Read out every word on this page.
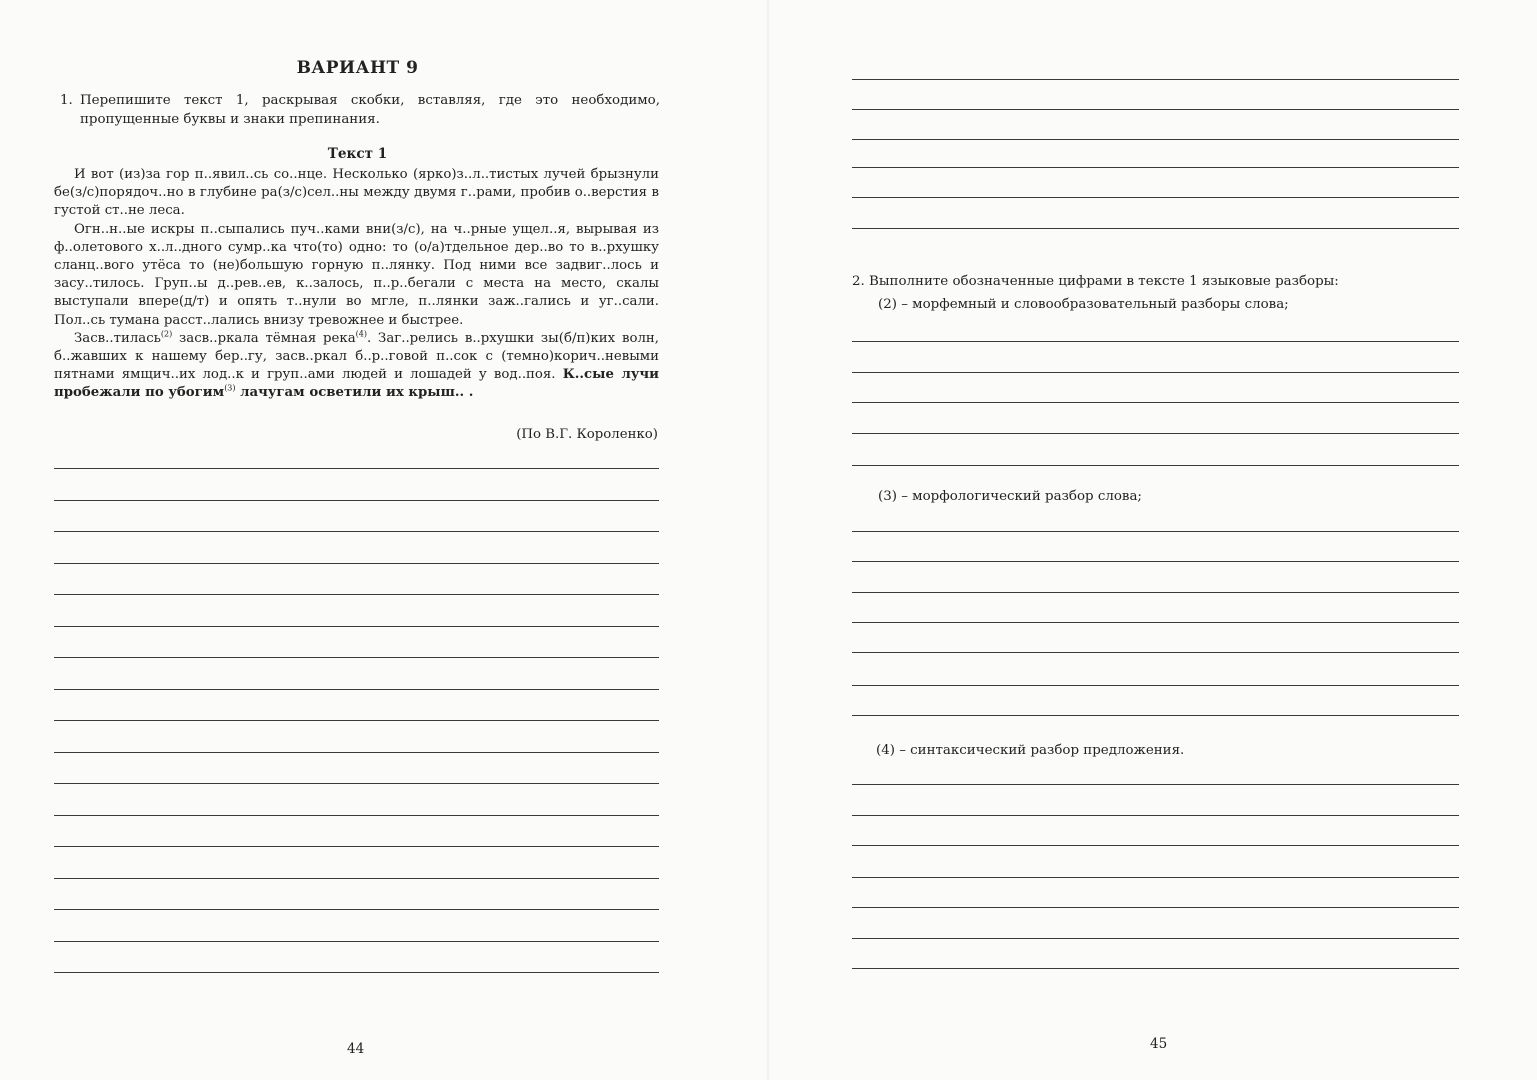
ВАРИАНТ 9
1. Перепишите текст 1, раскрывая скобки, вставляя, где это необходимо, пропущенные буквы и знаки препинания.
Текст 1

И вот (из)за гор п..явил..сь со..нце. Несколько (ярко)з..л..тистых лучей брызнули бе(з/с)порядоч..но в глубине ра(з/с)сел..ны между двумя г..рами, пробив о..верстия в густой ст..не леса.

Огн..н..ые искры п..сыпались пуч..ками вни(з/с), на ч..рные ущел..я, вырывая из ф..олетового х..л..дного сумр..ка что(то) одно: то (о/а)тдельное дер..во то в..рхушку сланц..вого утёса то (не)большую горную п..лянку. Под ними все задвиг..лось и засу..тилось. Груп..ы д..рев..ев, к..залось, п..р..бегали с места на место, скалы выступали впере(д/т) и опять т..нули во мгле, п..лянки заж..гались и уг..сали. Пол..сь тумана расст..лались внизу тревожнее и быстрее.

Засв..тилась$^{(2)}$ засв..ркала тёмная река$^{(4)}$. Заг..релись в..рхушки зы(б/п)ких волн, б..жавших к нашему бер..гу, засв..ркал б..р..говой п..сок с (темно)корич..невыми пятнами ямщич..их лод..к и груп..ами людей и лошадей у вод..поя. К..сые лучи пробежали по убогим$^{(3)}$ лачугам осветили их крыш.. .

(По В.Г. Короленко)
44
2. Выполните обозначенные цифрами в тексте 1 языковые разборы:
(2) – морфемный и словообразовательный разборы слова;
(3) – морфологический разбор слова;
(4) – синтаксический разбор предложения.
45
